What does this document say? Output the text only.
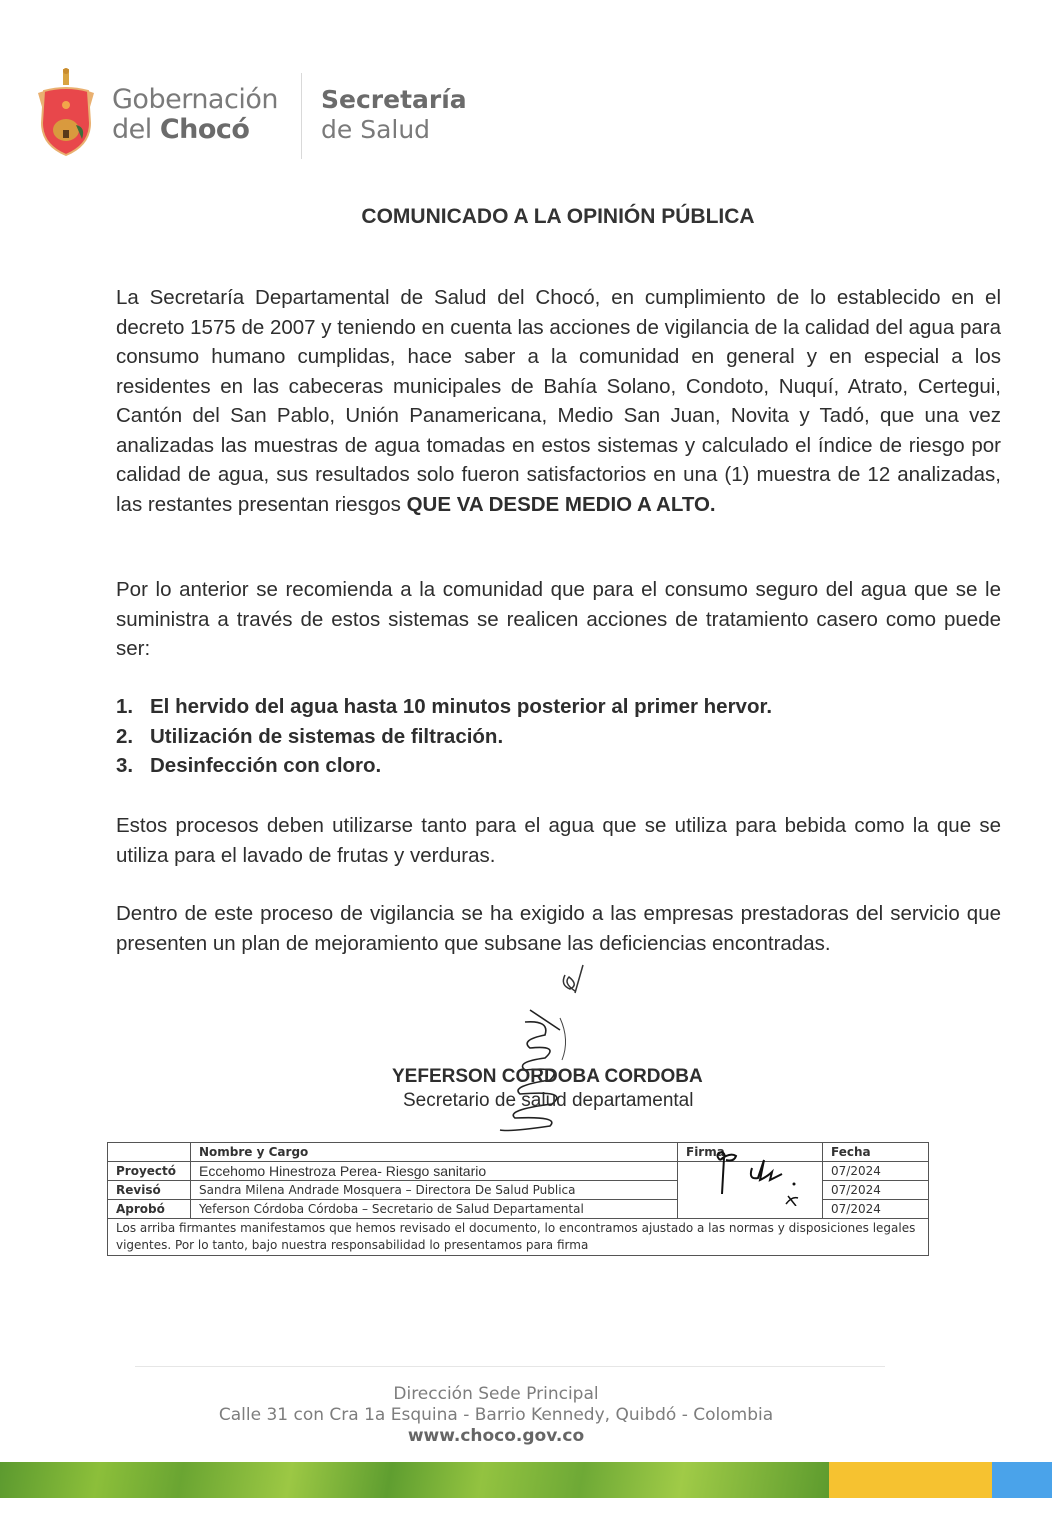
Gobernación
del Chocó
Secretaría
de Salud
COMUNICADO A LA OPINIÓN PÚBLICA
La Secretaría Departamental de Salud del Chocó, en cumplimiento de lo establecido en el decreto 1575 de 2007 y teniendo en cuenta las acciones de vigilancia de la calidad del agua para consumo humano cumplidas, hace saber a la comunidad en general y en especial a los residentes en las cabeceras municipales de Bahía Solano, Condoto, Nuquí, Atrato, Certegui, Cantón del San Pablo, Unión Panamericana, Medio San Juan, Novita y Tadó, que una vez analizadas las muestras de agua tomadas en estos sistemas y calculado el índice de riesgo por calidad de agua, sus resultados solo fueron satisfactorios en una (1) muestra de 12 analizadas, las restantes presentan riesgos QUE VA DESDE MEDIO A ALTO.
Por lo anterior se recomienda a la comunidad que para el consumo seguro del agua que se le suministra a través de estos sistemas se realicen acciones de tratamiento casero como puede ser:
1. El hervido del agua hasta 10 minutos posterior al primer hervor.
2. Utilización de sistemas de filtración.
3. Desinfección con cloro.
Estos procesos deben utilizarse tanto para el agua que se utiliza para bebida como la que se utiliza para el lavado de frutas y verduras.
Dentro de este proceso de vigilancia se ha exigido a las empresas prestadoras del servicio que presenten un plan de mejoramiento que subsane las deficiencias encontradas.
YEFERSON CORDOBA CORDOBA
Secretario de salud departamental
	Nombre y Cargo	Firma	Fecha
Proyectó	Eccehomo Hinestroza Perea- Riesgo sanitario		07/2024
Revisó	Sandra Milena Andrade Mosquera – Directora De Salud Publica		07/2024
Aprobó	Yeferson Córdoba Córdoba – Secretario de Salud Departamental		07/2024
Los arriba firmantes manifestamos que hemos revisado el documento, lo encontramos ajustado a las normas y disposiciones legales vigentes. Por lo tanto, bajo nuestra responsabilidad lo presentamos para firma			
Dirección Sede Principal
Calle 31 con Cra 1a Esquina - Barrio Kennedy, Quibdó - Colombia
www.choco.gov.co
